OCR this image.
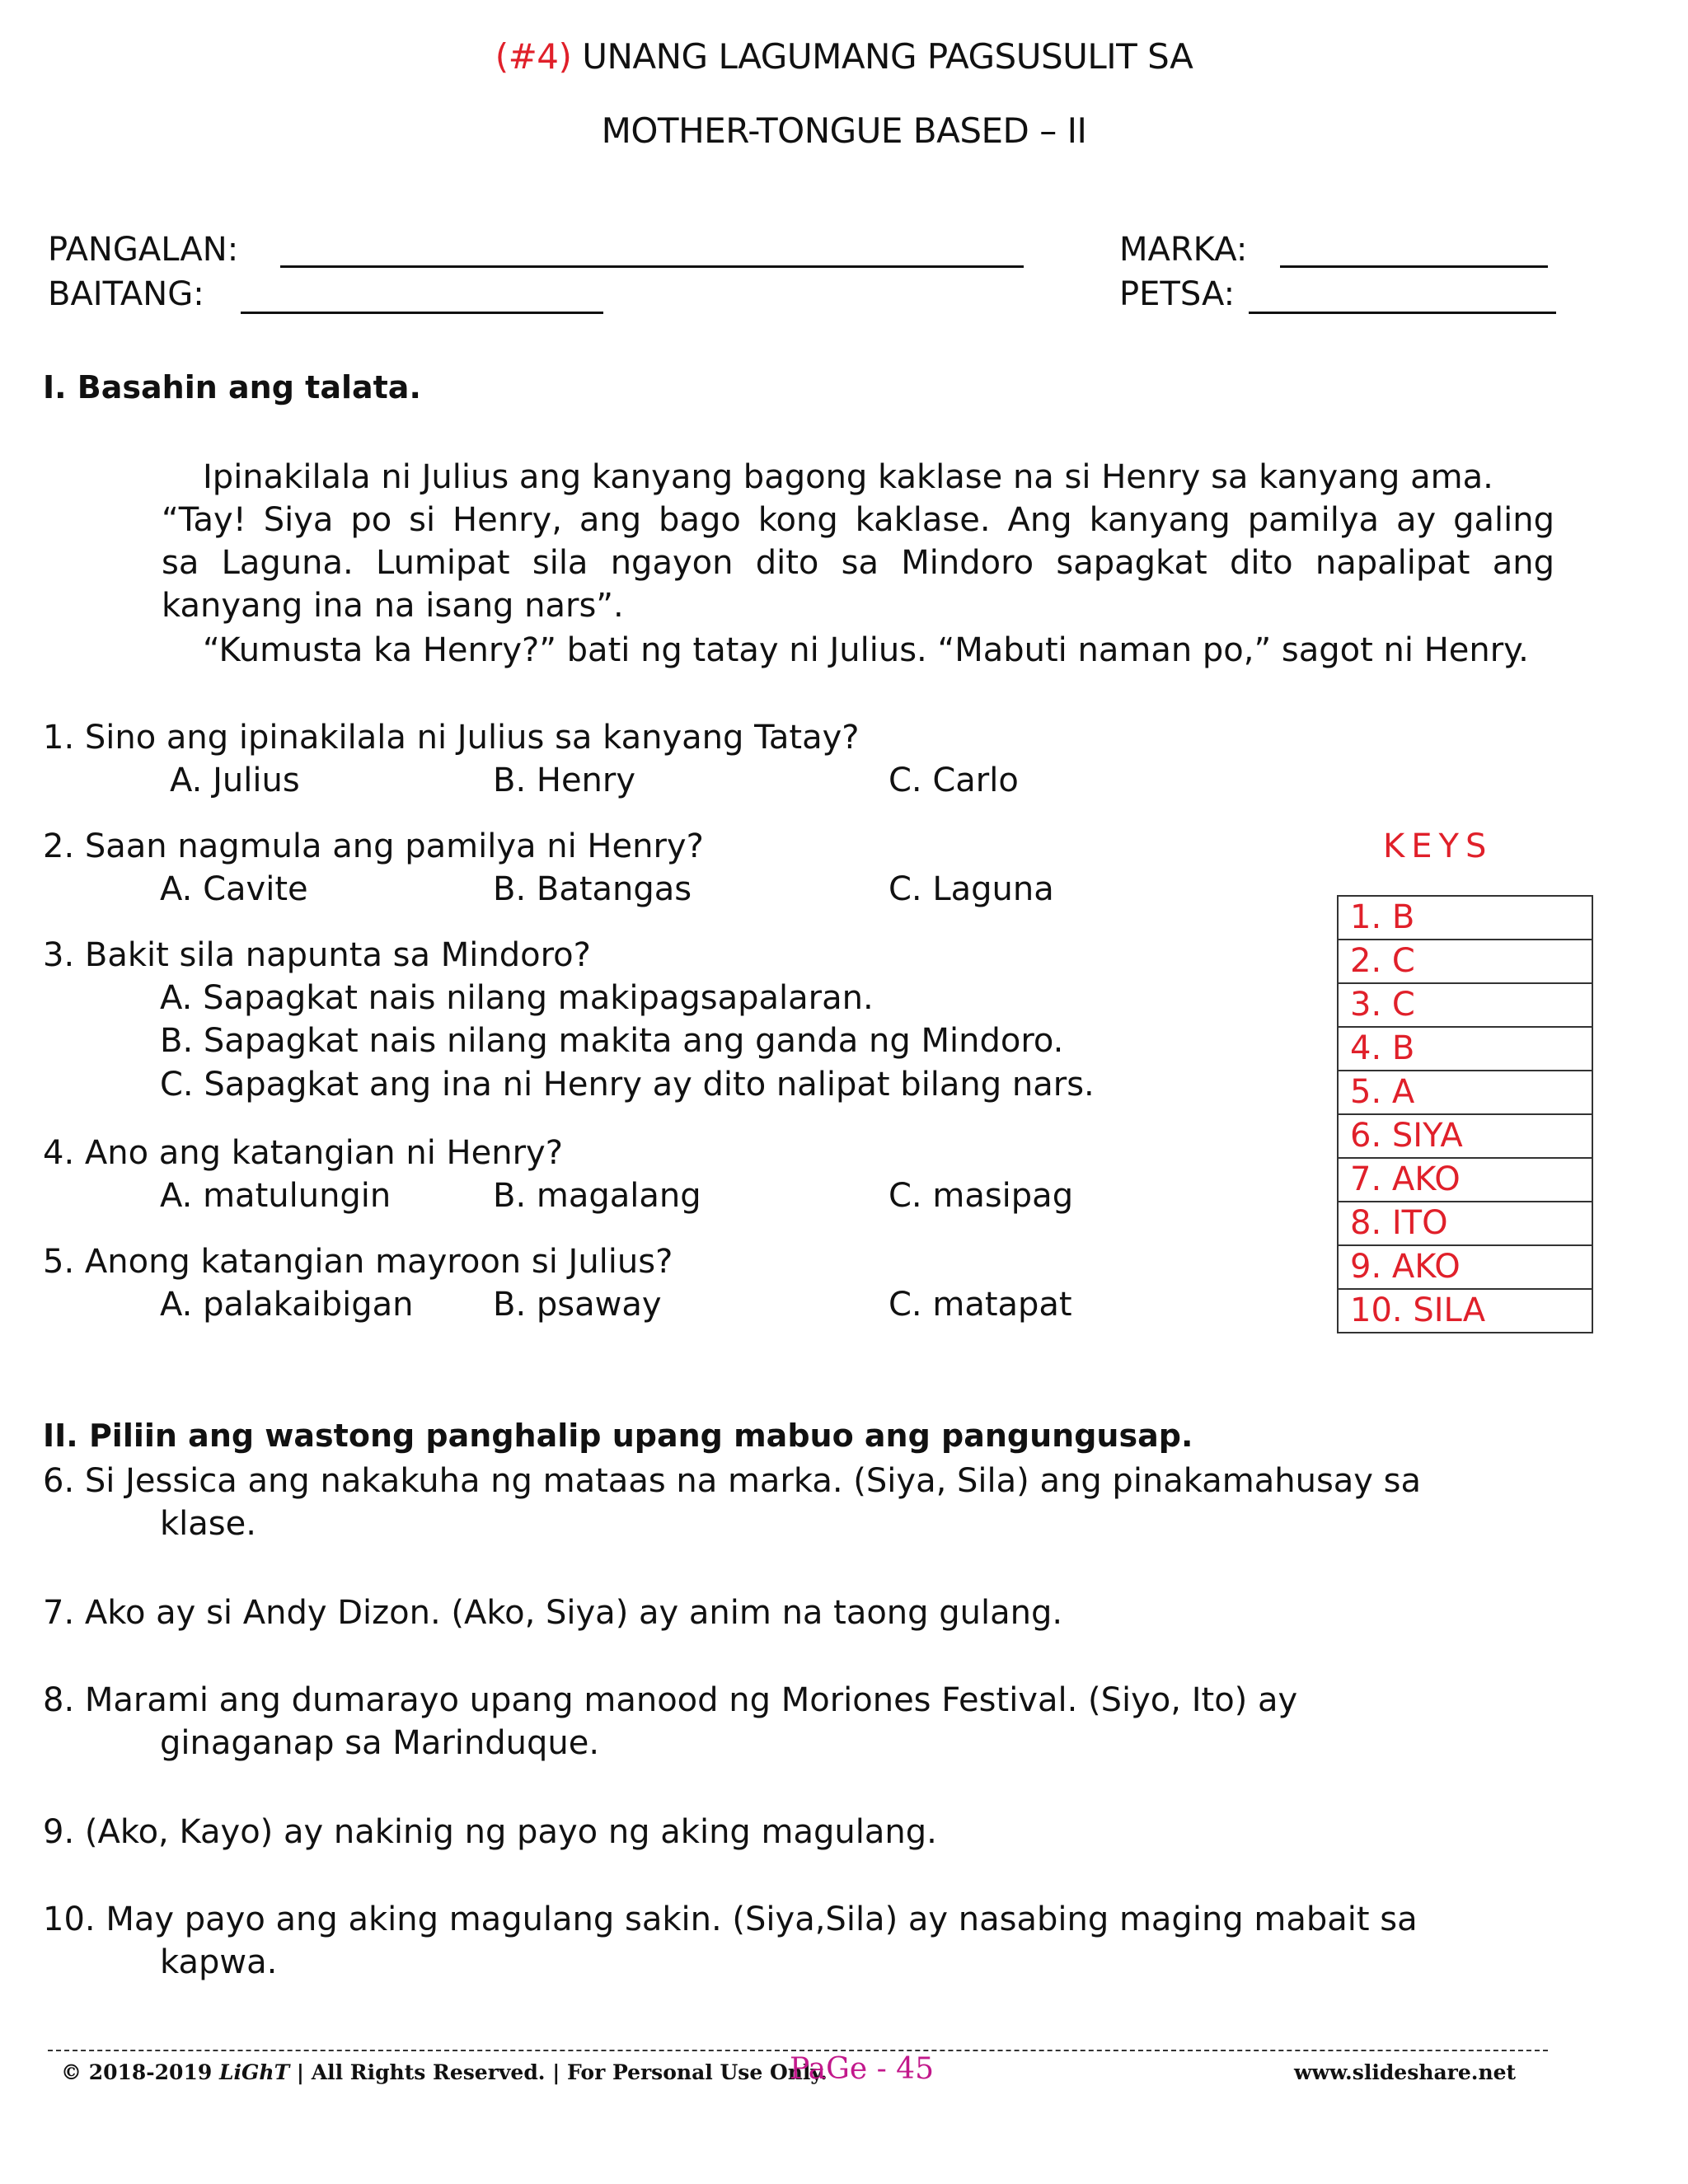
(#4) UNANG LAGUMANG PAGSUSULIT SA
MOTHER-TONGUE BASED – II
PANGALAN:
BAITANG:
MARKA:
PETSA:
I. Basahin ang talata.
Ipinakilala ni Julius ang kanyang bagong kaklase na si Henry sa kanyang ama.
“Tay! Siya po si Henry, ang bago kong kaklase. Ang kanyang pamilya ay galing
sa Laguna. Lumipat sila ngayon dito sa Mindoro sapagkat dito napalipat ang
kanyang ina na isang nars”.
“Kumusta ka Henry?” bati ng tatay ni Julius. “Mabuti naman po,” sagot ni Henry.
1. Sino ang ipinakilala ni Julius sa kanyang Tatay?
A. Julius	B. Henry	C. Carlo
2. Saan nagmula ang pamilya ni Henry?
A. Cavite	B. Batangas	C. Laguna
3. Bakit sila napunta sa Mindoro?
A. Sapagkat nais nilang makipagsapalaran.
B. Sapagkat nais nilang makita ang ganda ng Mindoro.
C. Sapagkat ang ina ni Henry ay dito nalipat bilang nars.
4. Ano ang katangian ni Henry?
A. matulungin	B. magalang	C. masipag
5. Anong katangian mayroon si Julius?
A. palakaibigan B. psaway	C. matapat
KEYS
1. B
2. C
3. C
4. B
5. A
6. SIYA
7. AKO
8. ITO
9. AKO
10. SILA
II. Piliin ang wastong panghalip upang mabuo ang pangungusap.
6. Si Jessica ang nakakuha ng mataas na marka. (Siya, Sila) ang pinakamahusay sa
klase.
7. Ako ay si Andy Dizon. (Ako, Siya) ay anim na taong gulang.
8. Marami ang dumarayo upang manood ng Moriones Festival. (Siyo, Ito) ay
ginaganap sa Marinduque.
9. (Ako, Kayo) ay nakinig ng payo ng aking magulang.
10. May payo ang aking magulang sakin. (Siya,Sila) ay nasabing maging mabait sa
kapwa.
© 2018-2019 LiGhT | All Rights Reserved. | For Personal Use Only.
PaGe - 45	www.slideshare.net
